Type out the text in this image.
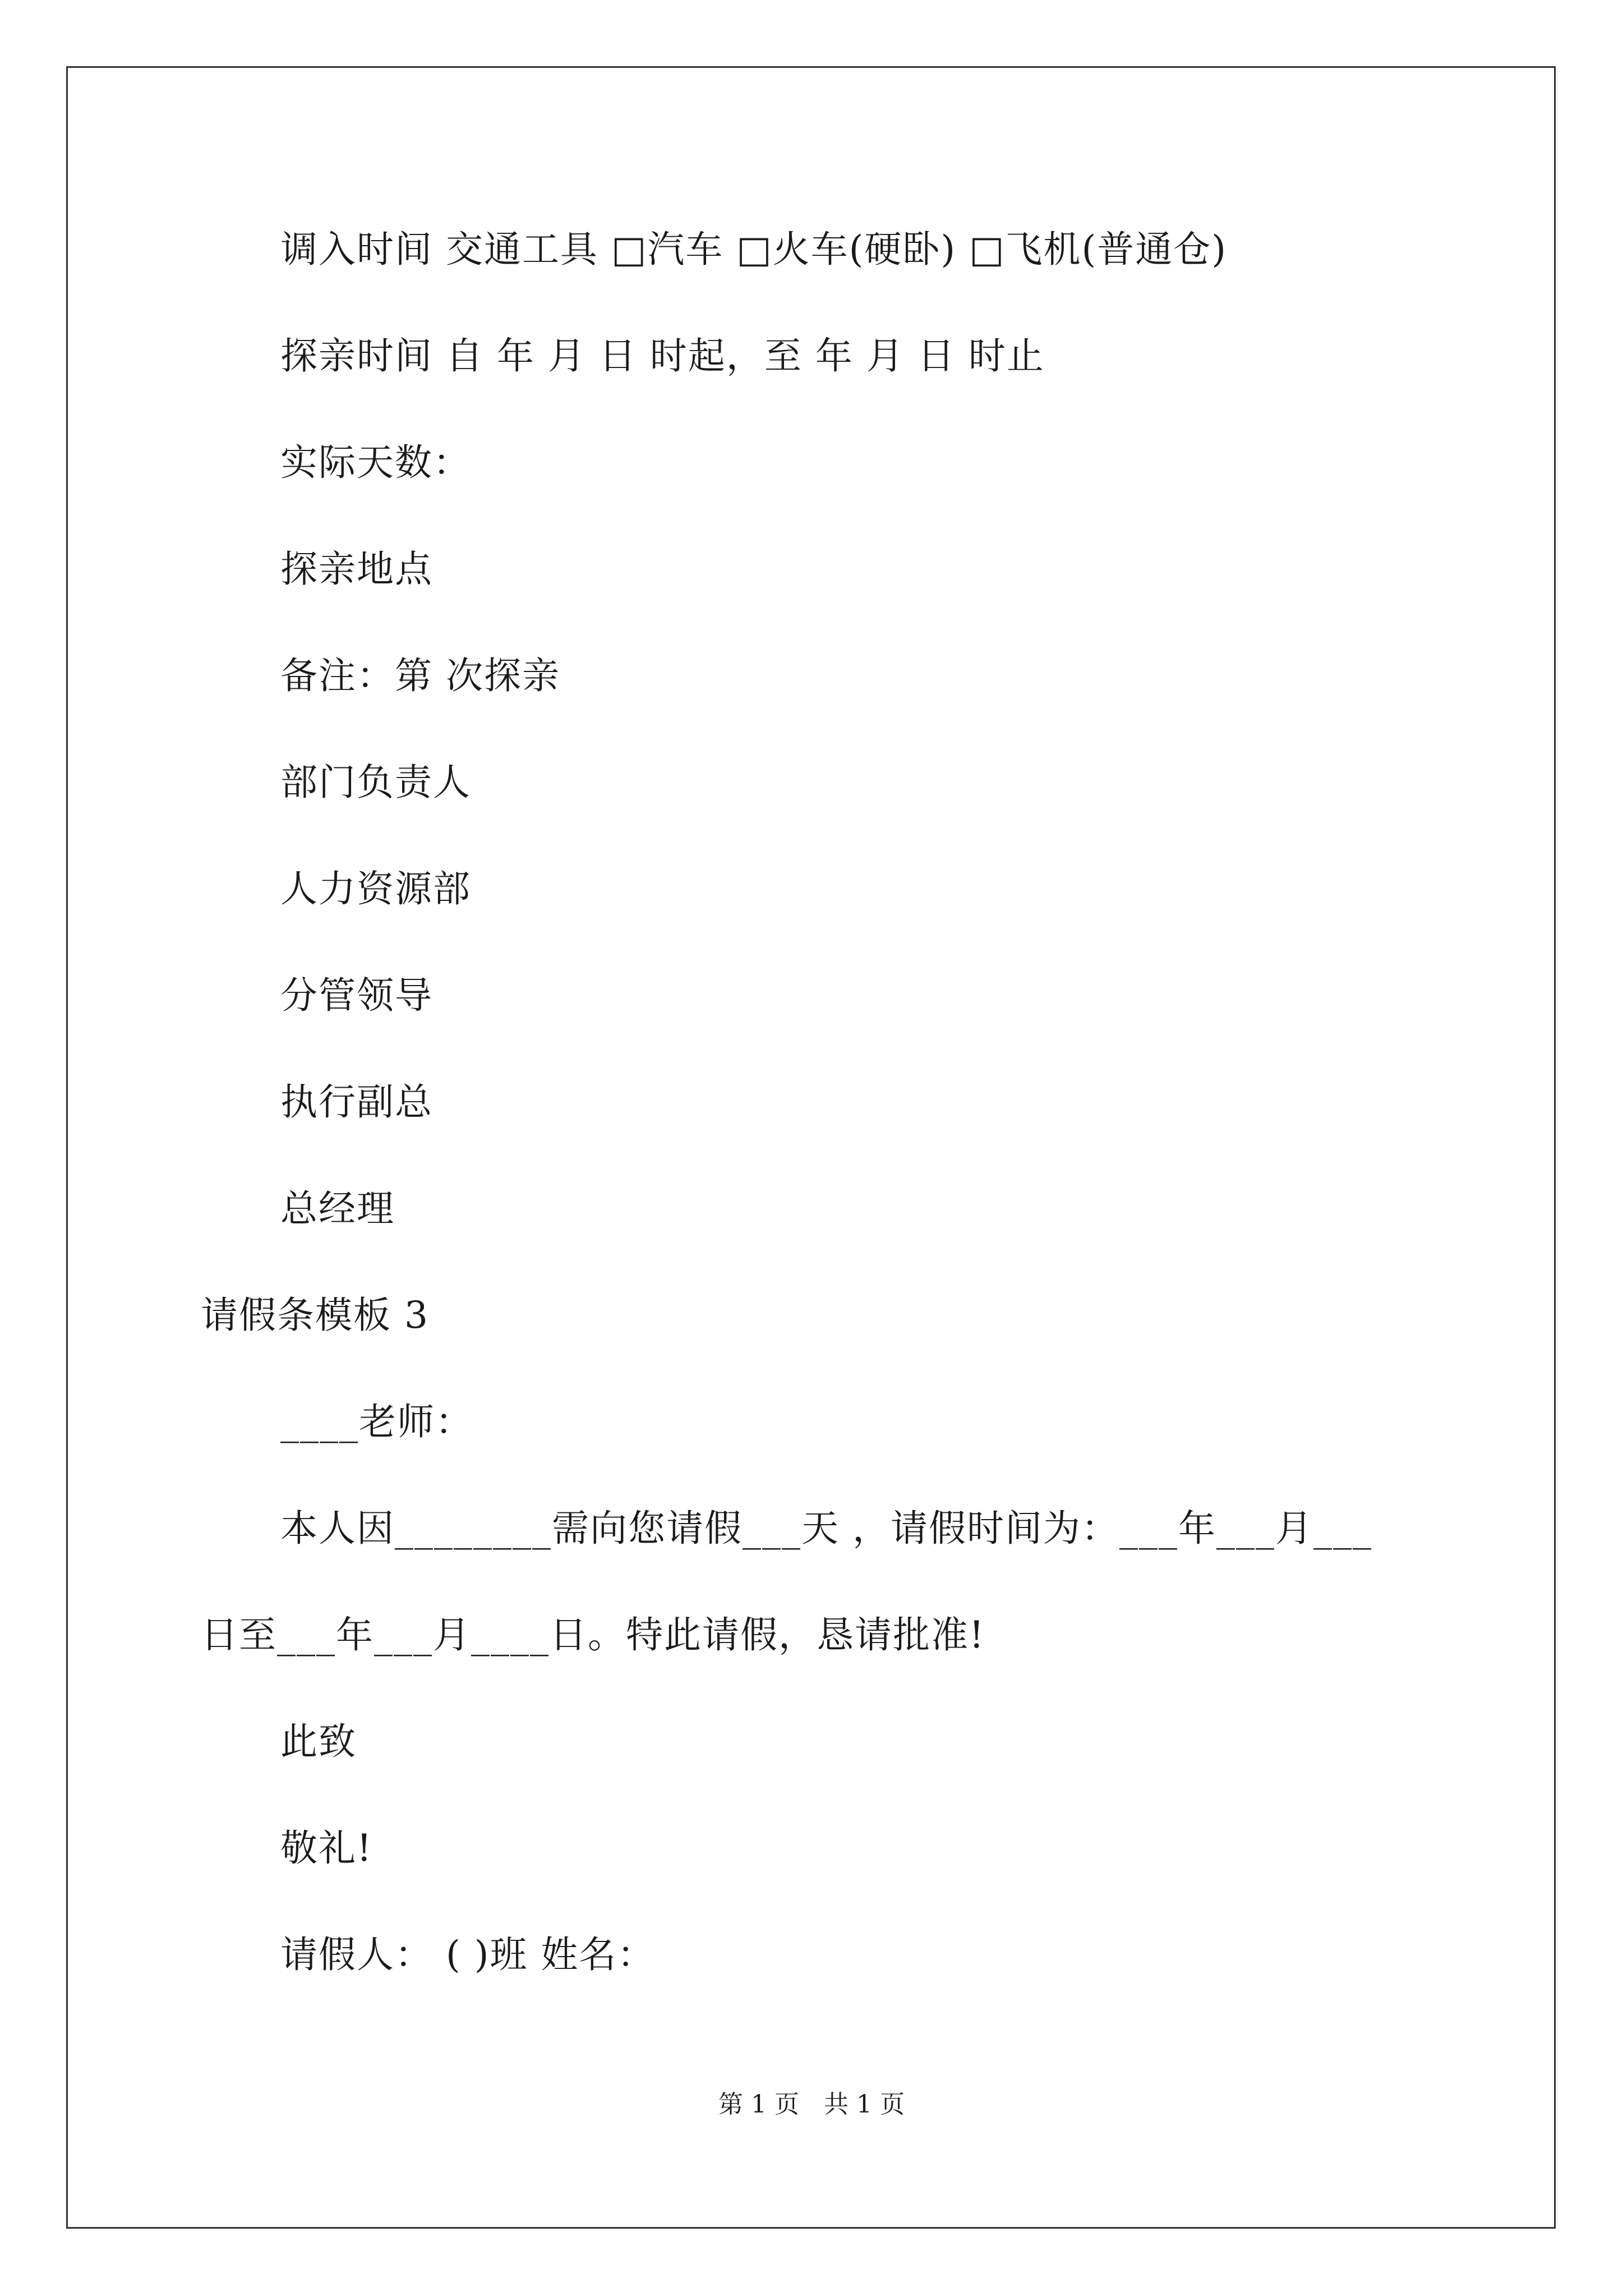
调入时间 交通工具 □汽车 □火车(硬卧) □飞机(普通仓)
探亲时间 自 年 月 日 时起，至 年 月 日 时止
实际天数：
探亲地点
备注：第 次探亲
部门负责人
人力资源部
分管领导
执行副总
总经理
请假条模板 3
____老师：
本人因________需向您请假___天 ，请假时间为：___年___月___
日至___年___月____日。特此请假，恳请批准!
此致
敬礼!
请假人： ( )班 姓名：
第 1 页　共 1 页
